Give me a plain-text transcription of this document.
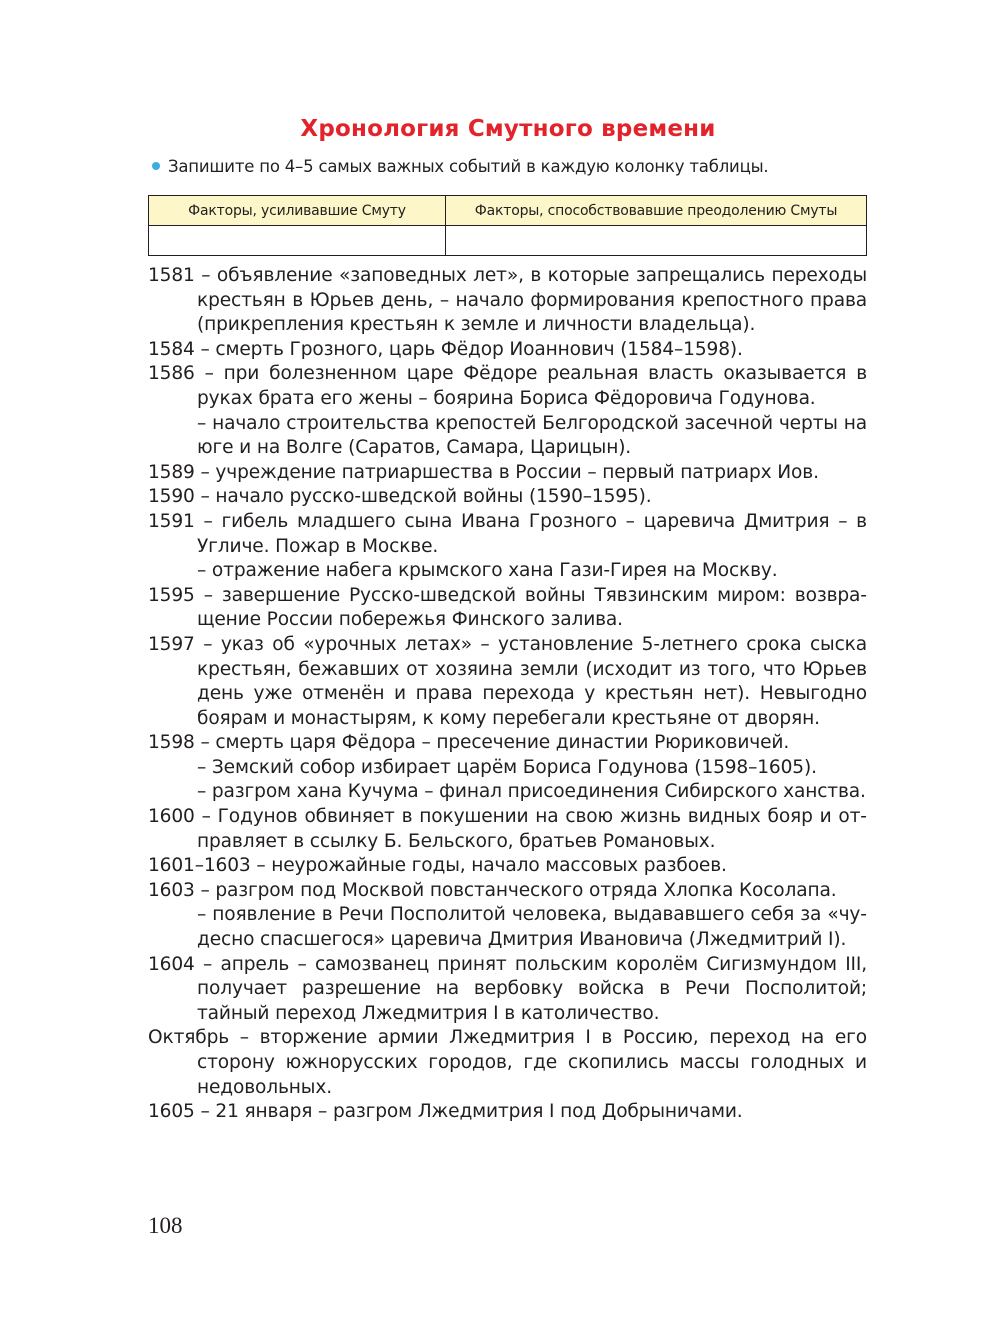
Хронология Смутного времени
Запишите по 4–5 самых важных событий в каждую колонку таблицы.
Факторы, усиливавшие Смуту	Факторы, способствовавшие преодолению Смуты

1581 – объявление «заповедных лет», в которые запрещались переходы крестьян в Юрьев день, – начало формирования крепостного права (прикрепления крестьян к земле и личности владельца).

1584 – смерть Грозного, царь Фёдор Иоаннович (1584–1598).

1586 – при болезненном царе Фёдоре реальная власть оказывается в руках брата его жены – боярина Бориса Фёдоровича Годунова.

– начало строительства крепостей Белгородской засечной черты на юге и на Волге (Саратов, Самара, Царицын).

1589 – учреждение патриаршества в России – первый патриарх Иов.

1590 – начало русско-шведской войны (1590–1595).

1591 – гибель младшего сына Ивана Грозного – царевича Дмитрия – в Угличе. Пожар в Москве.

– отражение набега крымского хана Гази-Гирея на Москву.

1595 – завершение Русско-шведской войны Тявзинским миром: возвращение России побережья Финского залива.

1597 – указ об «урочных летах» – установление 5-летнего срока сыска крестьян, бежавших от хозяина земли (исходит из того, что Юрьев день уже отменён и права перехода у крестьян нет). Невыгодно боярам и монастырям, к кому перебегали крестьяне от дворян.

1598 – смерть царя Фёдора – пресечение династии Рюриковичей.

– Земский собор избирает царём Бориса Годунова (1598–1605).

– разгром хана Кучума – финал присоединения Сибирского ханства.

1600 – Годунов обвиняет в покушении на свою жизнь видных бояр и отправляет в ссылку Б. Бельского, братьев Романовых.

1601–1603 – неурожайные годы, начало массовых разбоев.

1603 – разгром под Москвой повстанческого отряда Хлопка Косолапа.

– появление в Речи Посполитой человека, выдававшего себя за «чудесно спасшегося» царевича Дмитрия Ивановича (Лжедмитрий I).

1604 – апрель – самозванец принят польским королём Сигизмундом III, получает разрешение на вербовку войска в Речи Посполитой; тайный переход Лжедмитрия I в католичество.

Октябрь – вторжение армии Лжедмитрия I в Россию, переход на его сторону южнорусских городов, где скопились массы голодных и недовольных.

1605 – 21 января – разгром Лжедмитрия I под Добрыничами.

108
